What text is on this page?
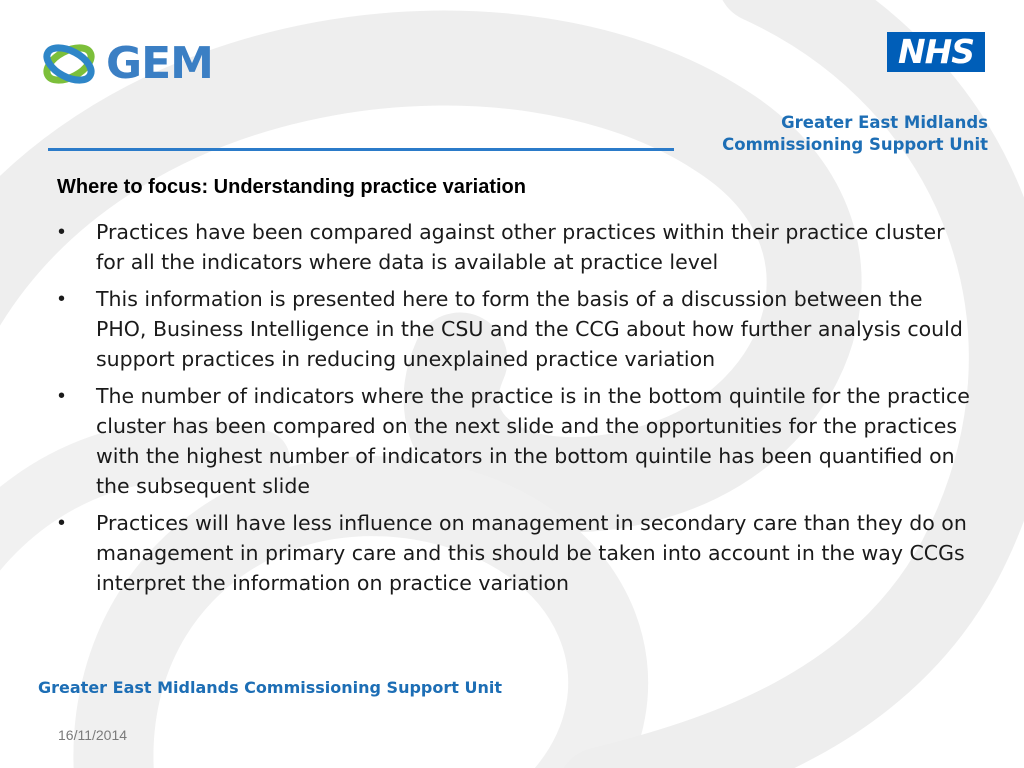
GEM	NHS
Greater East Midlands
Commissioning Support Unit
Where to focus: Understanding practice variation
• Practices have been compared against other practices within their practice cluster for all the indicators where data is available at practice level
• This information is presented here to form the basis of a discussion between the PHO, Business Intelligence in the CSU and the CCG about how further analysis could support practices in reducing unexplained practice variation
• The number of indicators where the practice is in the bottom quintile for the practice cluster has been compared on the next slide and the opportunities for the practices with the highest number of indicators in the bottom quintile has been quantified on the subsequent slide
• Practices will have less influence on management in secondary care than they do on management in primary care and this should be taken into account in the way CCGs interpret the information on practice variation
Greater East Midlands Commissioning Support Unit
16/11/2014
